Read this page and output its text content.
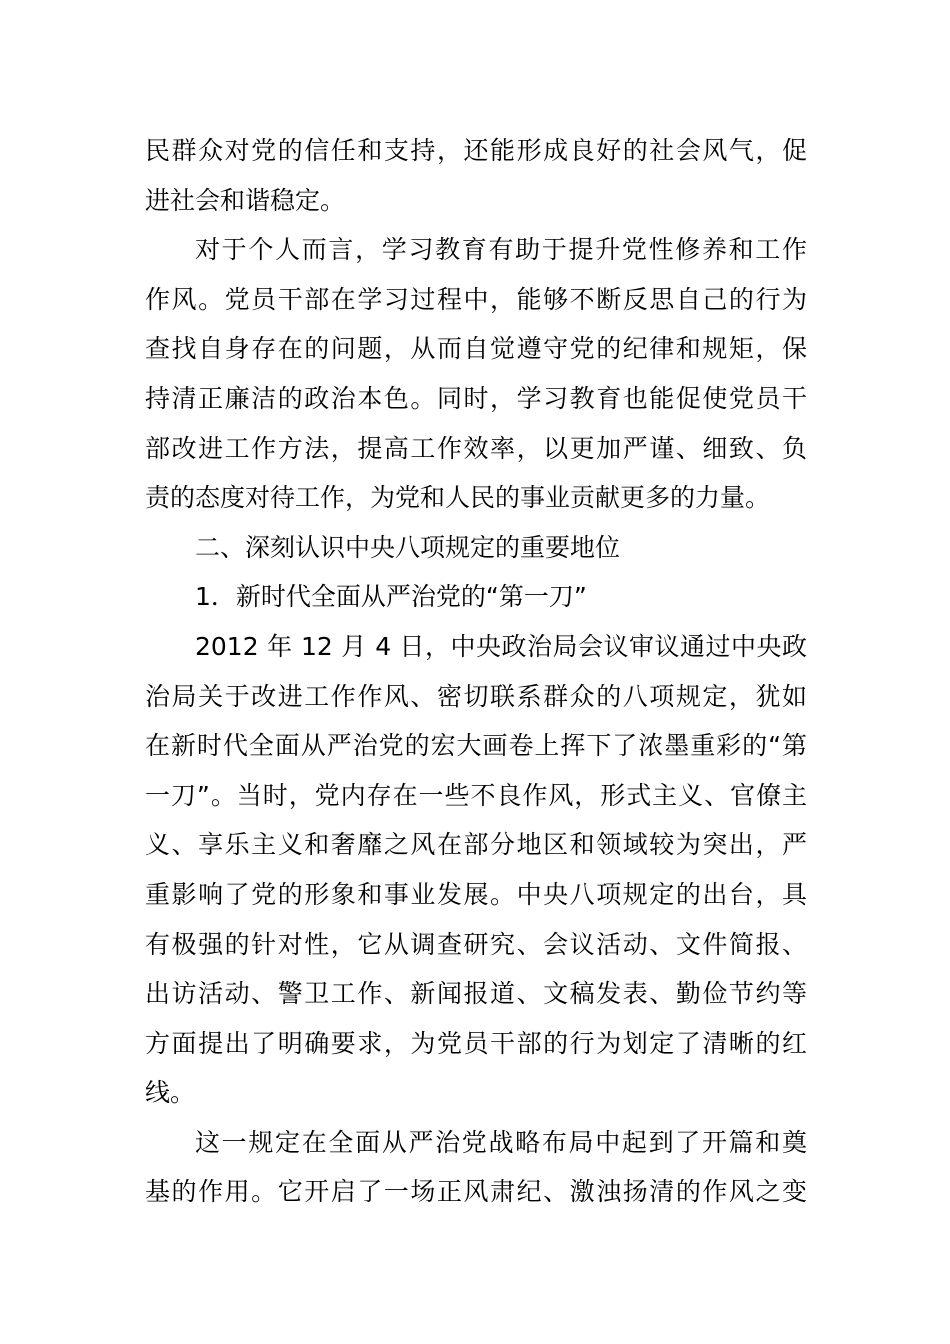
民群众对党的信任和支持，还能形成良好的社会风气，促
进社会和谐稳定。
对于个人而言，学习教育有助于提升党性修养和工作
作风。党员干部在学习过程中，能够不断反思自己的行为
查找自身存在的问题，从而自觉遵守党的纪律和规矩，保
持清正廉洁的政治本色。同时，学习教育也能促使党员干
部改进工作方法，提高工作效率，以更加严谨、细致、负
责的态度对待工作，为党和人民的事业贡献更多的力量。
二、深刻认识中央八项规定的重要地位
1．新时代全面从严治党的“第一刀”
2012 年 12 月 4 日，中央政治局会议审议通过中央政
治局关于改进工作作风、密切联系群众的八项规定，犹如
在新时代全面从严治党的宏大画卷上挥下了浓墨重彩的“第
一刀”。当时，党内存在一些不良作风，形式主义、官僚主
义、享乐主义和奢靡之风在部分地区和领域较为突出，严
重影响了党的形象和事业发展。中央八项规定的出台，具
有极强的针对性，它从调查研究、会议活动、文件简报、
出访活动、警卫工作、新闻报道、文稿发表、勤俭节约等
方面提出了明确要求，为党员干部的行为划定了清晰的红
线。
这一规定在全面从严治党战略布局中起到了开篇和奠
基的作用。它开启了一场正风肃纪、激浊扬清的作风之变
